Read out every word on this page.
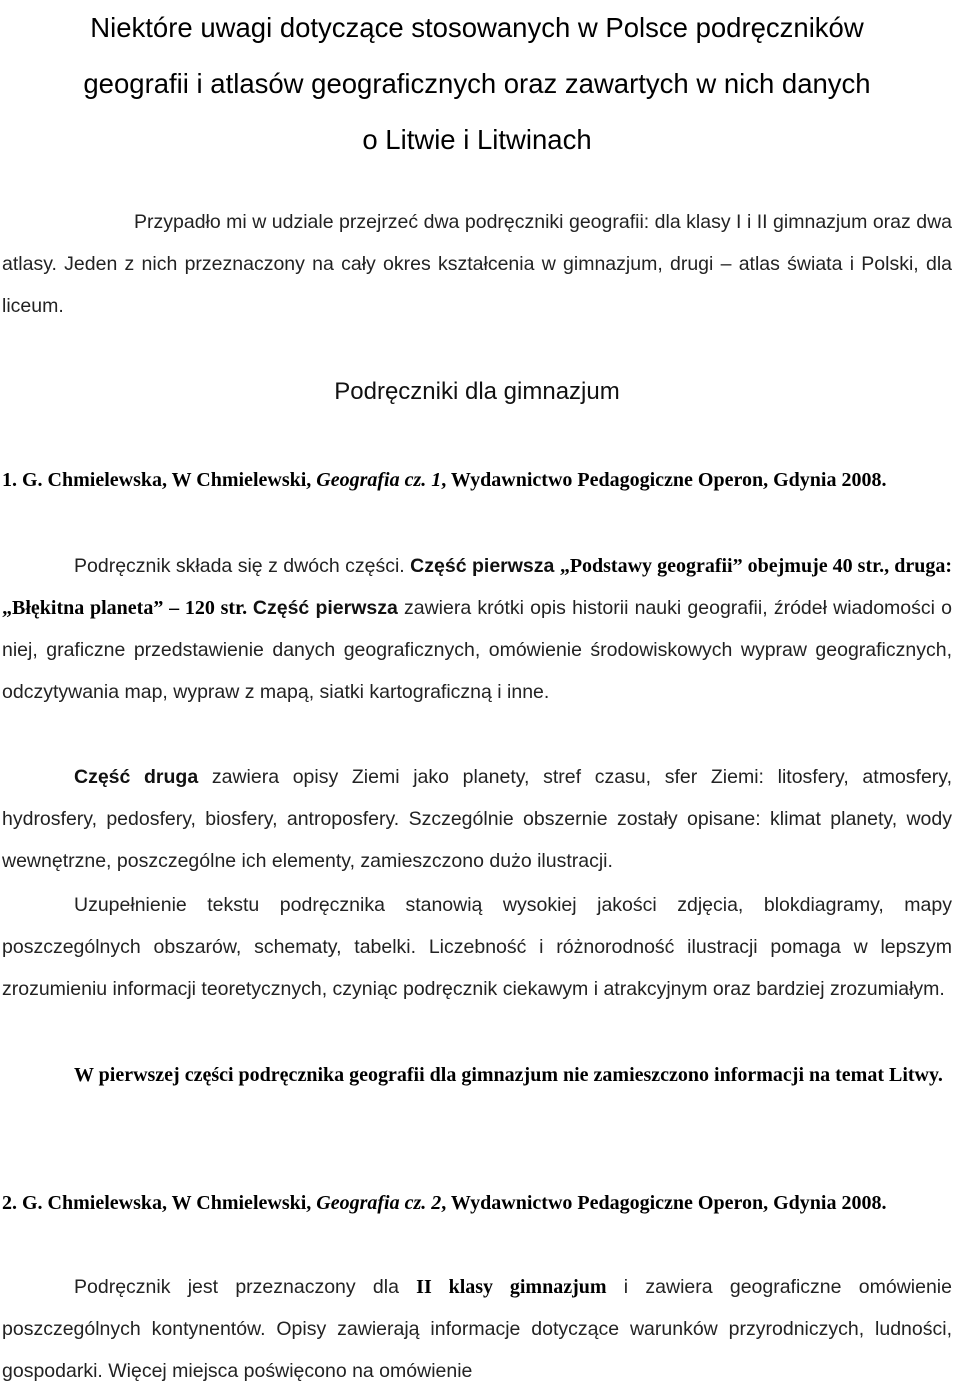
Niektóre uwagi dotyczące stosowanych w Polsce podręczników
geografii i atlasów geograficznych oraz zawartych w nich danych
o Litwie i Litwinach

Przypadło mi w udziale przejrzeć dwa podręczniki geografii: dla klasy I i II gimnazjum oraz dwa atlasy. Jeden z nich przeznaczony na cały okres kształcenia w gimnazjum, drugi – atlas świata i Polski, dla liceum.

Podręczniki dla gimnazjum

1. G. Chmielewska, W Chmielewski, Geografia cz. 1, Wydawnictwo Pedagogiczne Operon, Gdynia 2008.

Podręcznik składa się z dwóch części. Część pierwsza „Podstawy geografii” obejmuje 40 str., druga: „Błękitna planeta” – 120 str. Część pierwsza zawiera krótki opis historii nauki geografii, źródeł wiadomości o niej, graficzne przedstawienie danych geograficznych, omówienie środowiskowych wypraw geograficznych, odczytywania map, wypraw z mapą, siatki kartograficzną i inne.

Część druga zawiera opisy Ziemi jako planety, stref czasu, sfer Ziemi: litosfery, atmosfery, hydrosfery, pedosfery, biosfery, antroposfery. Szczególnie obszernie zostały opisane: klimat planety, wody wewnętrzne, poszczególne ich elementy, zamieszczono dużo ilustracji.

Uzupełnienie tekstu podręcznika stanowią wysokiej jakości zdjęcia, blokdiagramy, mapy poszczególnych obszarów, schematy, tabelki. Liczebność i różnorodność ilustracji pomaga w lepszym zrozumieniu informacji teoretycznych, czyniąc podręcznik ciekawym i atrakcyjnym oraz bardziej zrozumiałym.

W pierwszej części podręcznika geografii dla gimnazjum nie zamieszczono informacji na temat Litwy.

2. G. Chmielewska, W Chmielewski, Geografia cz. 2, Wydawnictwo Pedagogiczne Operon, Gdynia 2008.

Podręcznik jest przeznaczony dla II klasy gimnazjum i zawiera geograficzne omówienie poszczególnych kontynentów. Opisy zawierają informacje dotyczące warunków przyrodniczych, ludności, gospodarki. Więcej miejsca poświęcono na omówienie
